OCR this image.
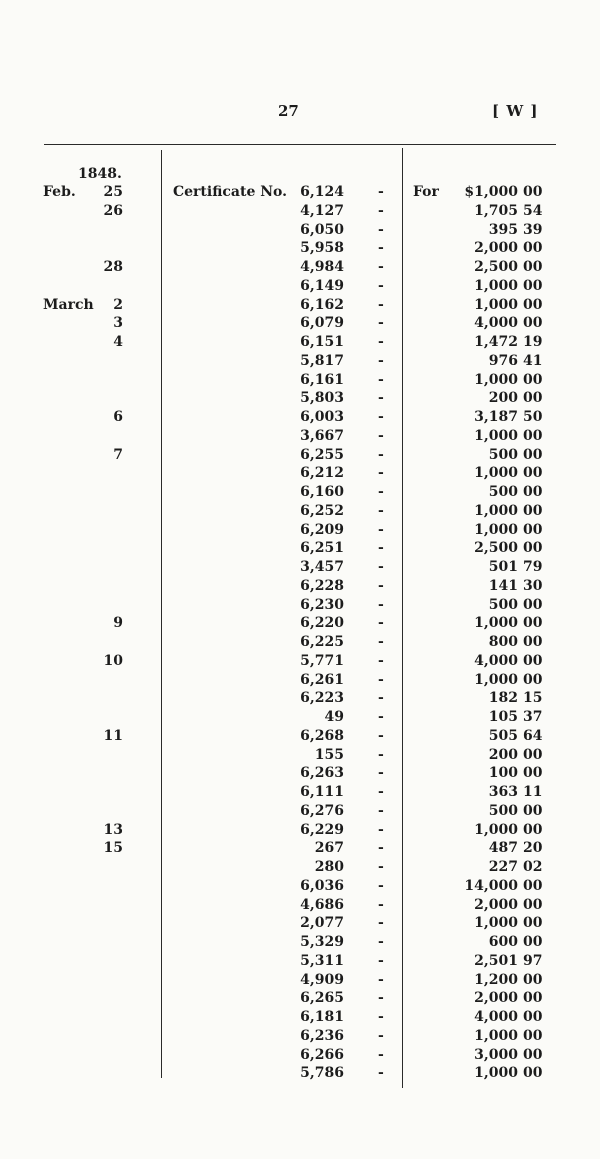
27	[ W ]
1848.
Certificate No.	For
Feb. 25	6,124 -	$1,000 00
26	4,127 -	1,705 54
6,050 -	395 39
5,958 -	2,000 00
28	4,984 -	2,500 00
6,149 -	1,000 00
March 2	6,162 -	1,000 00
3	6,079 -	4,000 00
4	6,151 -	1,472 19
5,817 -	976 41
6,161 -	1,000 00
5,803 -	200 00
6	6,003 -	3,187 50
3,667 -	1,000 00
7	6,255 -	500 00
6,212 -	1,000 00
6,160 -	500 00
6,252 -	1,000 00
6,209 -	1,000 00
6,251 -	2,500 00
3,457 -	501 79
6,228 -	141 30
6,230 -	500 00
9	6,220 -	1,000 00
6,225 -	800 00
10	5,771 -	4,000 00
6,261 -	1,000 00
6,223 -	182 15
49 -	105 37
11	6,268 -	505 64
155 -	200 00
6,263 -	100 00
6,111 -	363 11
6,276 -	500 00
13	6,229 -	1,000 00
15	267 -	487 20
280 -	227 02
6,036 -	14,000 00
4,686 -	2,000 00
2,077 -	1,000 00
5,329 -	600 00
5,311 -	2,501 97
4,909 -	1,200 00
6,265 -	2,000 00
6,181 -	4,000 00
6,236 -	1,000 00
6,266 -	3,000 00
5,786 -	1,000 00
